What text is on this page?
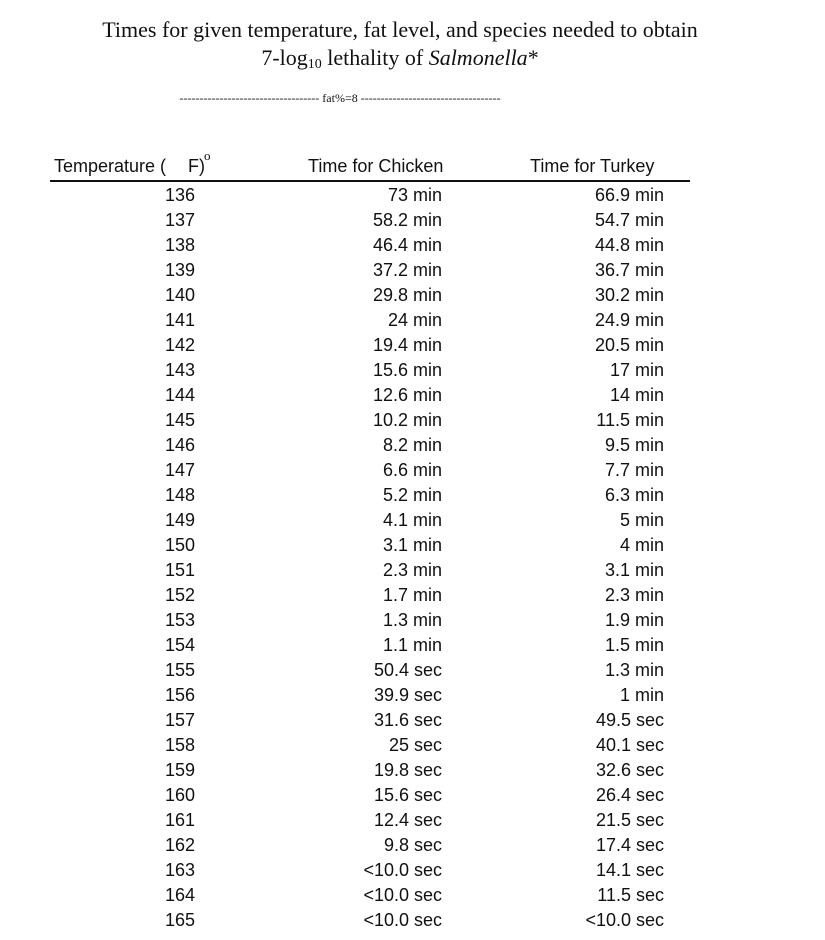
Times for given temperature, fat level, and species needed to obtain
$7-\log_{10}$ lethality of Salmonella*
----------------------------------- fat%=8 -----------------------------------
Temperature (
o
F)	Time for Chicken	Time for Turkey
136	73 min	66.9 min
137	58.2 min	54.7 min
138	46.4 min	44.8 min
139	37.2 min	36.7 min
140	29.8 min	30.2 min
141	24 min	24.9 min
142	19.4 min	20.5 min
143	15.6 min	17 min
144	12.6 min	14 min
145	10.2 min	11.5 min
146	8.2 min	9.5 min
147	6.6 min	7.7 min
148	5.2 min	6.3 min
149	4.1 min	5 min
150	3.1 min	4 min
151	2.3 min	3.1 min
152	1.7 min	2.3 min
153	1.3 min	1.9 min
154	1.1 min	1.5 min
155	50.4 sec	1.3 min
156	39.9 sec	1 min
157	31.6 sec	49.5 sec
158	25 sec	40.1 sec
159	19.8 sec	32.6 sec
160	15.6 sec	26.4 sec
161	12.4 sec	21.5 sec
162	9.8 sec	17.4 sec
163	<10.0 sec	14.1 sec
164	<10.0 sec	11.5 sec
165	<10.0 sec	<10.0 sec
